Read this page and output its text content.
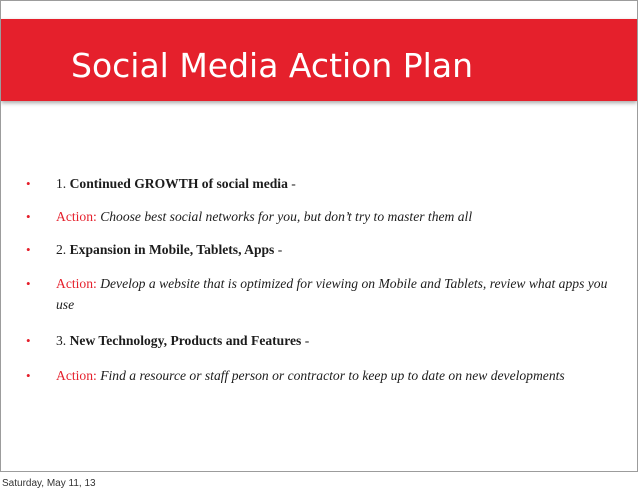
Social Media Action Plan
•	1. Continued GROWTH of social media -
•	Action: Choose best social networks for you, but don’t try to master them all
•	2. Expansion in Mobile, Tablets, Apps -
•	Action: Develop a website that is optimized for viewing on Mobile and Tablets, review what apps you use
•	3. New Technology, Products and Features -
•	Action: Find a resource or staff person or contractor to keep up to date on new developments
Saturday, May 11, 13
